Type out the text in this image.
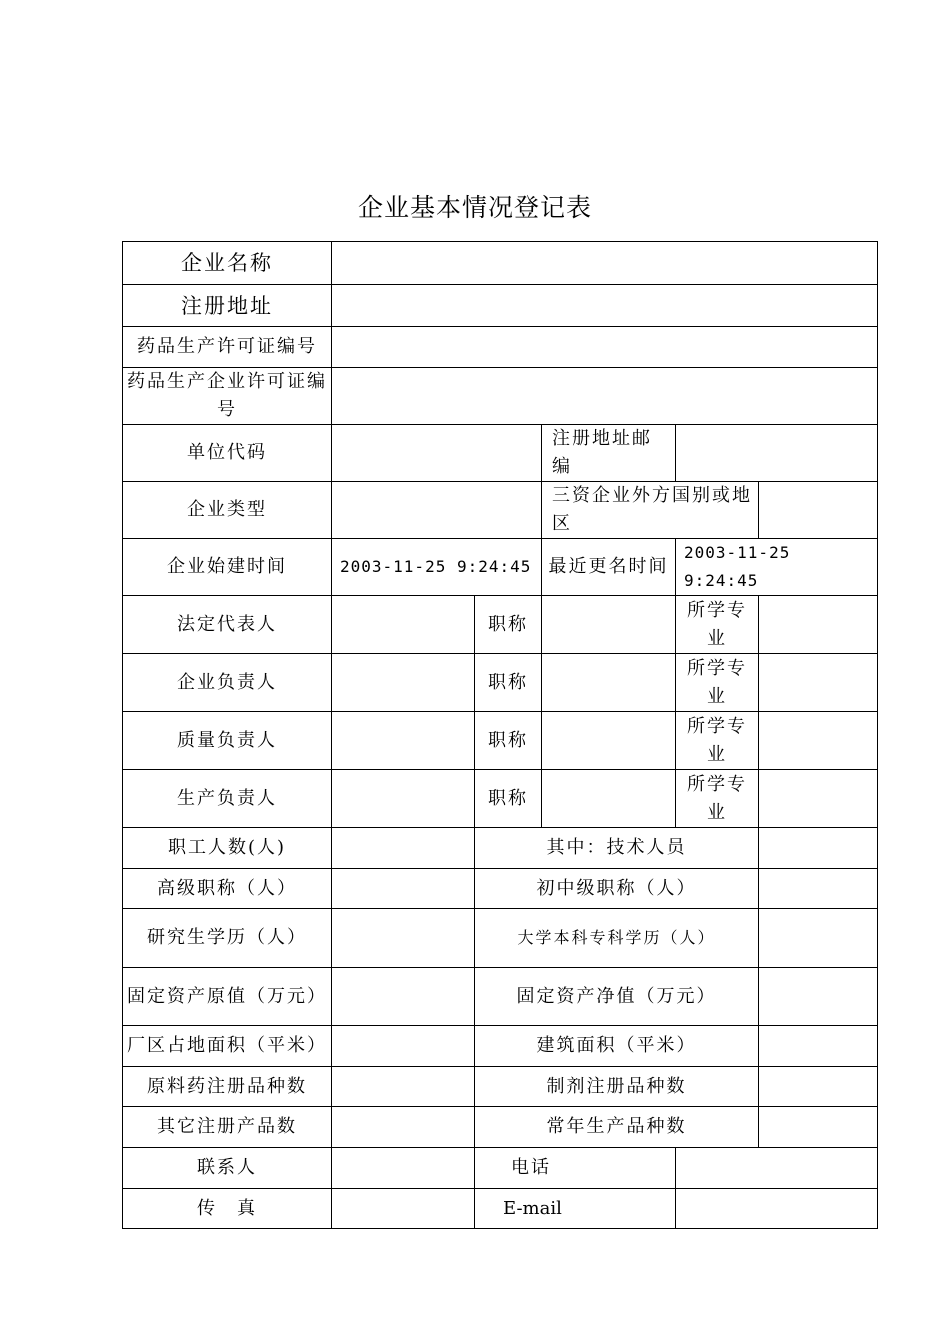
企业基本情况登记表
企业名称					
注册地址					
药品生产许可证编号					
药品生产企业许可证编号					
单位代码			注册地址邮编		
企业类型			三资企业外方国别或地区		
企业始建时间	2003-11-25 9:24:45		最近更名时间	2003-11-25 9:24:45	
法定代表人		职称		所学专业	
企业负责人		职称		所学专业	
质量负责人		职称		所学专业	
生产负责人		职称		所学专业	
职工人数(人)		其中：技术人员			
高级职称（人）		初中级职称（人）			
研究生学历（人）		大学本科专科学历（人）			
固定资产原值（万元）		固定资产净值（万元）			
厂区占地面积（平米）		建筑面积（平米）			
原料药注册品种数		制剂注册品种数			
其它注册产品数		常年生产品种数			
联系人		电话			
传　真		E-mail			
